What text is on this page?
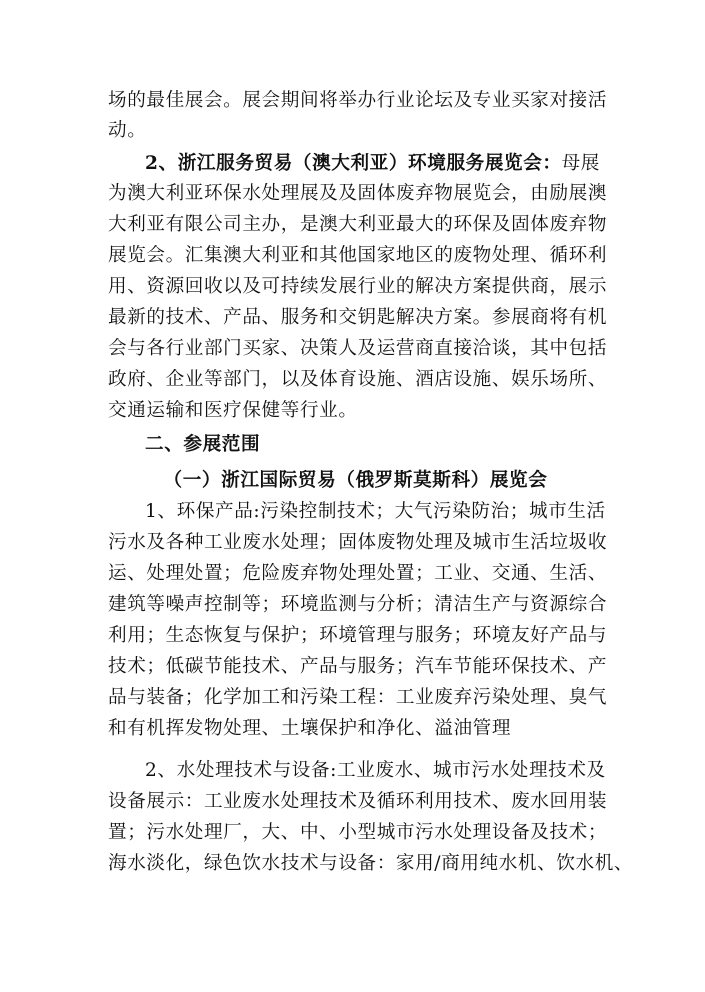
场的最佳展会。展会期间将举办行业论坛及专业买家对接活
动。
2、浙江服务贸易（澳大利亚）环境服务展览会：母展
为澳大利亚环保水处理展及及固体废弃物展览会，由励展澳
大利亚有限公司主办，是澳大利亚最大的环保及固体废弃物
展览会。汇集澳大利亚和其他国家地区的废物处理、循环利
用、资源回收以及可持续发展行业的解决方案提供商，展示
最新的技术、产品、服务和交钥匙解决方案。参展商将有机
会与各行业部门买家、决策人及运营商直接洽谈，其中包括
政府、企业等部门，以及体育设施、酒店设施、娱乐场所、
交通运输和医疗保健等行业。
二、参展范围
（一）浙江国际贸易（俄罗斯莫斯科）展览会
1、环保产品:污染控制技术；大气污染防治；城市生活
污水及各种工业废水处理；固体废物处理及城市生活垃圾收
运、处理处置；危险废弃物处理处置；工业、交通、生活、
建筑等噪声控制等；环境监测与分析；清洁生产与资源综合
利用；生态恢复与保护；环境管理与服务；环境友好产品与
技术；低碳节能技术、产品与服务；汽车节能环保技术、产
品与装备；化学加工和污染工程：工业废弃污染处理、臭气
和有机挥发物处理、土壤保护和净化、溢油管理
2、水处理技术与设备:工业废水、城市污水处理技术及
设备展示：工业废水处理技术及循环利用技术、废水回用装
置；污水处理厂，大、中、小型城市污水处理设备及技术；
海水淡化，绿色饮水技术与设备：家用/商用纯水机、饮水机、
